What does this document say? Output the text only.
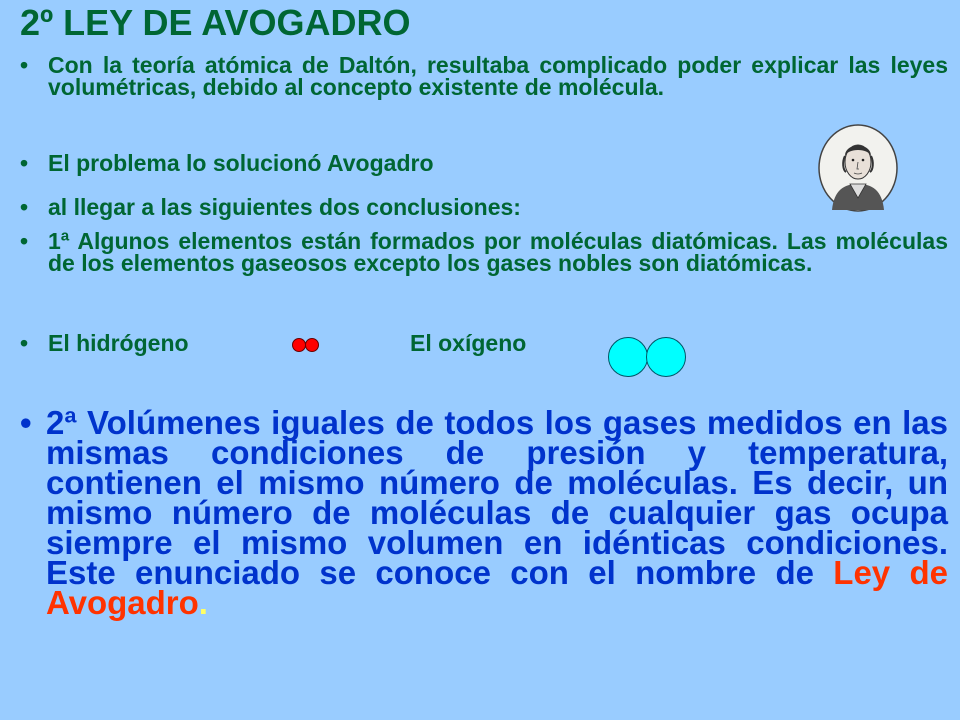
2º LEY DE AVOGADRO
• Con la teoría atómica de Daltón, resultaba complicado poder explicar las leyes volumétricas, debido al concepto existente de molécula.
• El problema lo solucionó Avogadro
• al llegar a las siguientes dos conclusiones:
• 1ª Algunos elementos están formados por moléculas diatómicas. Las moléculas de los elementos gaseosos excepto los gases nobles son diatómicas.
• El hidrógeno	El oxígeno
• 2ª Volúmenes iguales de todos los gases medidos en las mismas condiciones de presión y temperatura, contienen el mismo número de moléculas. Es decir, un mismo número de moléculas de cualquier gas ocupa siempre el mismo volumen en idénticas condiciones. Este enunciado se conoce con el nombre de Ley de Avogadro.
